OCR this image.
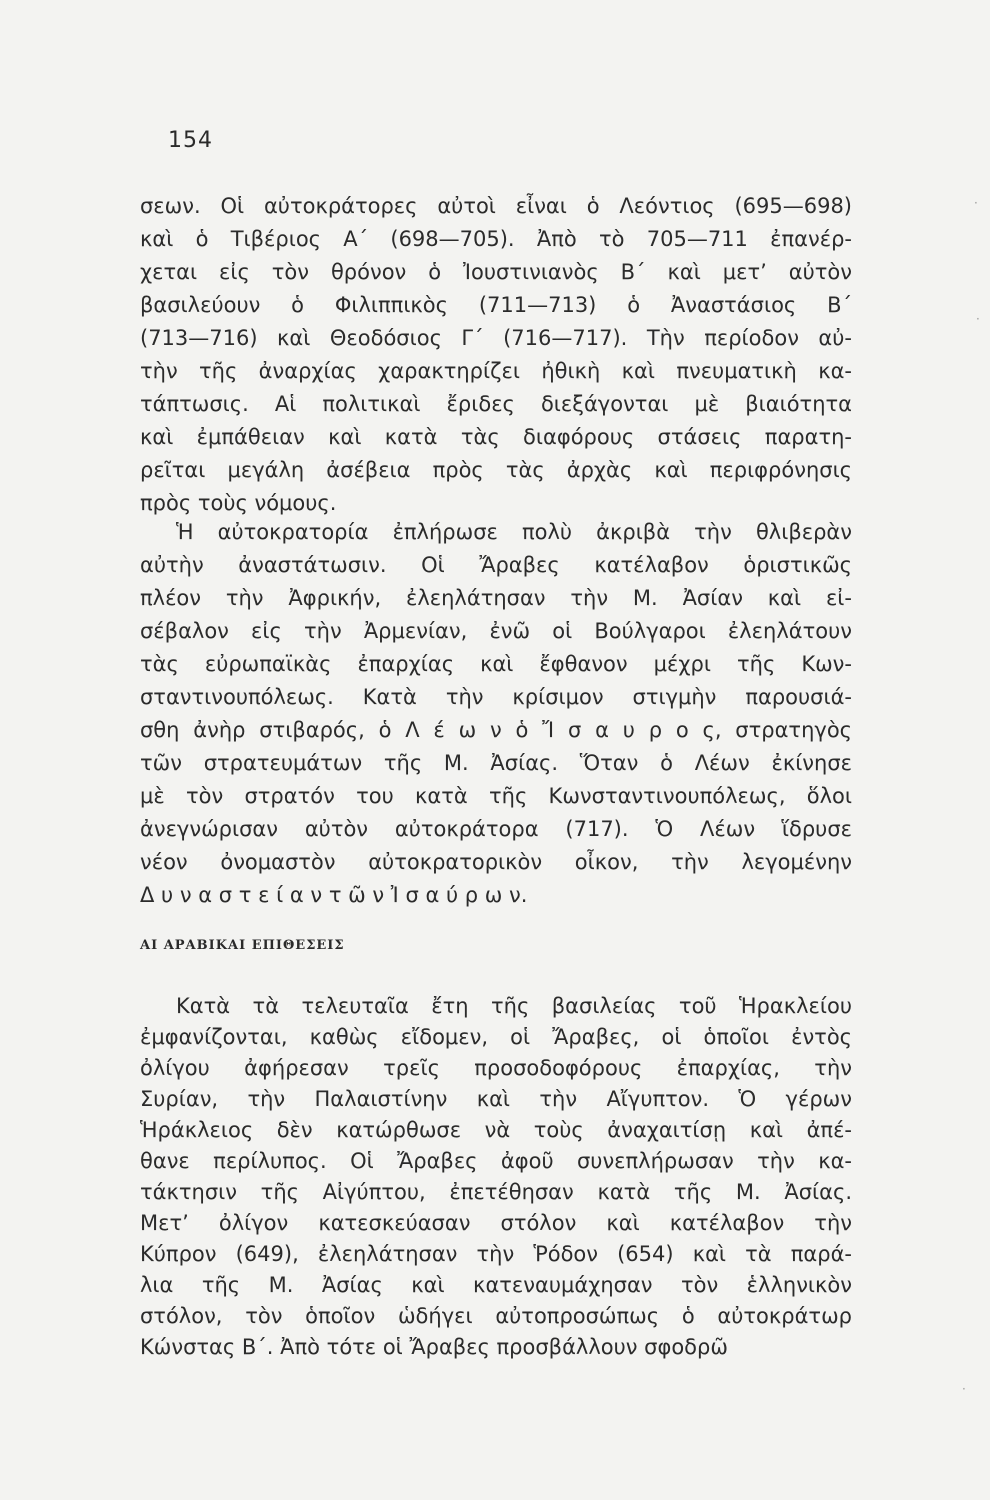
154
σεων. Οἱ αὐτοκράτορες αὐτοὶ εἶναι ὁ Λεόντιος (695—698)
καὶ ὁ Τιβέριος Α΄ (698—705). Ἀπὸ τὸ 705—711 ἐπανέρ-
χεται εἰς τὸν θρόνον ὁ Ἰουστινιανὸς Β΄ καὶ μετ’ αὐτὸν
βασιλεύουν ὁ Φιλιππικὸς (711—713) ὁ Ἀναστάσιος Β΄
(713—716) καὶ Θεοδόσιος Γ΄ (716—717). Τὴν περίοδον αὐ-
τὴν τῆς ἀναρχίας χαρακτηρίζει ἠθικὴ καὶ πνευματικὴ κα-
τάπτωσις. Αἱ πολιτικαὶ ἔριδες διεξάγονται μὲ βιαιότητα
καὶ ἐμπάθειαν καὶ κατὰ τὰς διαφόρους στάσεις παρατη-
ρεῖται μεγάλη ἀσέβεια πρὸς τὰς ἀρχὰς καὶ περιφρόνησις
πρὸς τοὺς νόμους.
Ἡ αὐτοκρατορία ἐπλήρωσε πολὺ ἀκριβὰ τὴν θλιβερὰν
αὐτὴν ἀναστάτωσιν. Οἱ Ἄραβες κατέλαβον ὁριστικῶς
πλέον τὴν Ἀφρικήν, ἐλεηλάτησαν τὴν Μ. Ἀσίαν καὶ εἰ-
σέβαλον εἰς τὴν Ἀρμενίαν, ἐνῶ οἱ Βούλγαροι ἐλεηλάτουν
τὰς εὐρωπαϊκὰς ἐπαρχίας καὶ ἔφθανον μέχρι τῆς Κων-
σταντινουπόλεως. Κατὰ τὴν κρίσιμον στιγμὴν παρουσιά-
σθη ἀνὴρ στιβαρός, ὁ Λ έ ω ν ὁ Ἴ σ α υ ρ ο ς, στρατηγὸς
τῶν στρατευμάτων τῆς Μ. Ἀσίας. Ὅταν ὁ Λέων ἐκίνησε
μὲ τὸν στρατόν του κατὰ τῆς Κωνσταντινουπόλεως, ὅλοι
ἀνεγνώρισαν αὐτὸν αὐτοκράτορα (717). Ὁ Λέων ἵδρυσε
νέον ὀνομαστὸν αὐτοκρατορικὸν οἶκον, τὴν λεγομένην
Δ υ ν α σ τ ε ί α ν τ ῶ ν Ἰ σ α ύ ρ ω ν.
ΑΙ ΑΡΑΒΙΚΑΙ ΕΠΙΘΕΣΕΙΣ
Κατὰ τὰ τελευταῖα ἔτη τῆς βασιλείας τοῦ Ἡρακλείου
ἐμφανίζονται, καθὼς εἴδομεν, οἱ Ἄραβες, οἱ ὁποῖοι ἐντὸς
ὀλίγου ἀφήρεσαν τρεῖς προσοδοφόρους ἐπαρχίας, τὴν
Συρίαν, τὴν Παλαιστίνην καὶ τὴν Αἴγυπτον. Ὁ γέρων
Ἡράκλειος δὲν κατώρθωσε νὰ τοὺς ἀναχαιτίσῃ καὶ ἀπέ-
θανε περίλυπος. Οἱ Ἄραβες ἀφοῦ συνεπλήρωσαν τὴν κα-
τάκτησιν τῆς Αἰγύπτου, ἐπετέθησαν κατὰ τῆς Μ. Ἀσίας.
Μετ’ ὀλίγον κατεσκεύασαν στόλον καὶ κατέλαβον τὴν
Κύπρον (649), ἐλεηλάτησαν τὴν Ῥόδον (654) καὶ τὰ παρά-
λια τῆς Μ. Ἀσίας καὶ κατεναυμάχησαν τὸν ἑλληνικὸν
στόλον, τὸν ὁποῖον ὡδήγει αὐτοπροσώπως ὁ αὐτοκράτωρ
Κώνστας Β΄. Ἀπὸ τότε οἱ Ἄραβες προσβάλλουν σφοδρῶ
·
·
·
